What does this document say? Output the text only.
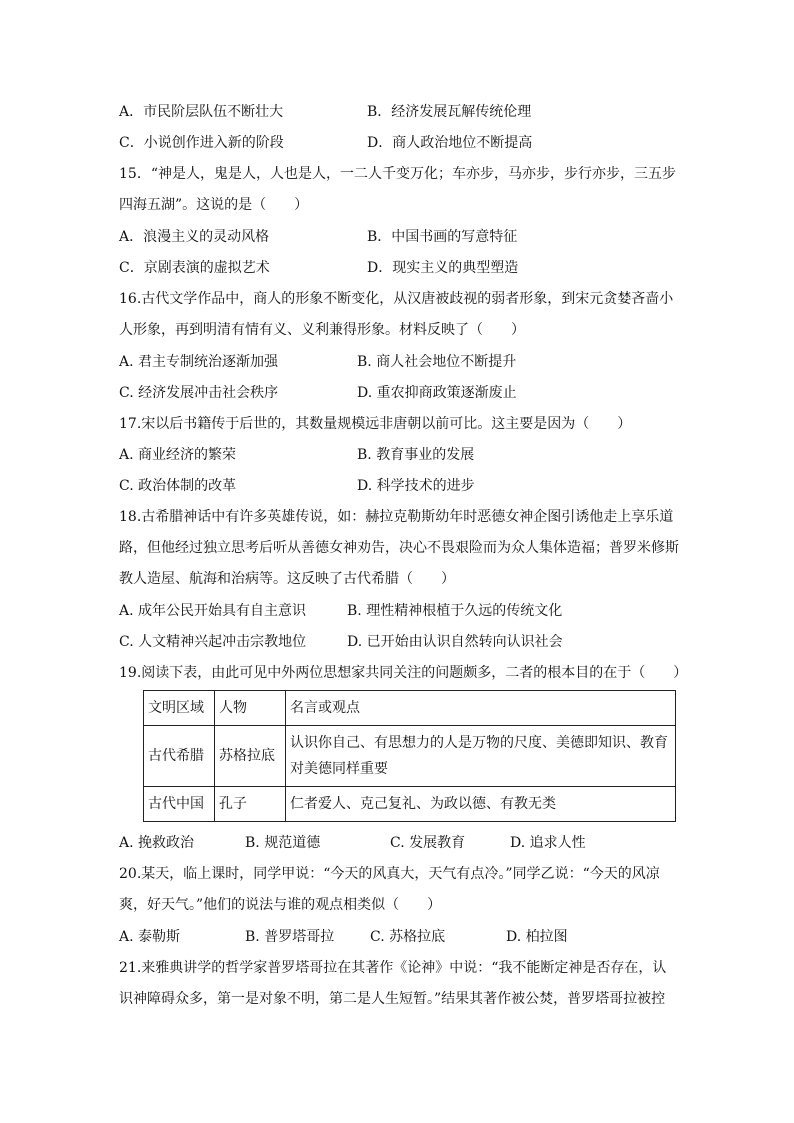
A．市民阶层队伍不断壮大	B．经济发展瓦解传统伦理
C．小说创作进入新的阶段	D．商人政治地位不断提高
15．“神是人，鬼是人，人也是人，一二人千变万化；车亦步，马亦步，步行亦步，三五步
四海五湖”。这说的是（　　）
A．浪漫主义的灵动风格	B．中国书画的写意特征
C．京剧表演的虚拟艺术	D．现实主义的典型塑造
16.古代文学作品中，商人的形象不断变化，从汉唐被歧视的弱者形象，到宋元贪婪吝啬小
人形象，再到明清有情有义、义利兼得形象。材料反映了（　　）
A. 君主专制统治逐渐加强	B. 商人社会地位不断提升
C. 经济发展冲击社会秩序	D. 重农抑商政策逐渐废止
17.宋以后书籍传于后世的，其数量规模远非唐朝以前可比。这主要是因为（　　）
A. 商业经济的繁荣	B. 教育事业的发展
C. 政治体制的改革	D. 科学技术的进步
18.古希腊神话中有许多英雄传说，如：赫拉克勒斯幼年时恶德女神企图引诱他走上享乐道
路，但他经过独立思考后听从善德女神劝告，决心不畏艰险而为众人集体造福；普罗米修斯
教人造屋、航海和治病等。这反映了古代希腊（　　）
A. 成年公民开始具有自主意识	B. 理性精神根植于久远的传统文化
C. 人文精神兴起冲击宗教地位	D. 已开始由认识自然转向认识社会
19.阅读下表，由此可见中外两位思想家共同关注的问题颇多，二者的根本目的在于（　　）
文明区域	人物	名言或观点
古代希腊	苏格拉底	认识你自己、有思想力的人是万物的尺度、美德即知识、教育对美德同样重要
古代中国	孔子	仁者爱人、克己复礼、为政以德、有教无类
A. 挽救政治	B. 规范道德	C. 发展教育	D. 追求人性
20.某天，临上课时，同学甲说：“今天的风真大，天气有点冷。”同学乙说：“今天的风凉
爽，好天气。”他们的说法与谁的观点相类似（　　）
A. 泰勒斯	B. 普罗塔哥拉	C. 苏格拉底	D. 柏拉图
21.来雅典讲学的哲学家普罗塔哥拉在其著作《论神》中说：“我不能断定神是否存在，认
识神障碍众多，第一是对象不明，第二是人生短暂。”结果其著作被公焚，普罗塔哥拉被控
